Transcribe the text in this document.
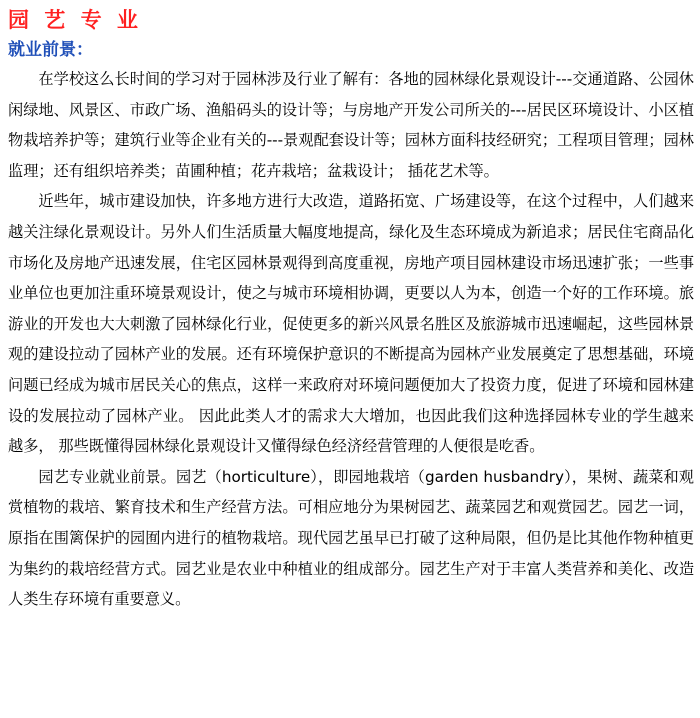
园 艺 专 业
就业前景：

在学校这么长时间的学习对于园林涉及行业了解有：各地的园林绿化景观设计---交通道路、公园休闲绿地、风景区、市政广场、渔船码头的设计等；与房地产开发公司所关的---居民区环境设计、小区植物栽培养护等；建筑行业等企业有关的---景观配套设计等；园林方面科技经研究；工程项目管理；园林监理；还有组织培养类；苗圃种植；花卉栽培；盆栽设计； 插花艺术等。

近些年，城市建设加快，许多地方进行大改造，道路拓宽、广场建设等，在这个过程中，人们越来越关注绿化景观设计。另外人们生活质量大幅度地提高，绿化及生态环境成为新追求；居民住宅商品化市场化及房地产迅速发展，住宅区园林景观得到高度重视，房地产项目园林建设市场迅速扩张；一些事业单位也更加注重环境景观设计，使之与城市环境相协调，更要以人为本，创造一个好的工作环境。旅游业的开发也大大刺激了园林绿化行业，促使更多的新兴风景名胜区及旅游城市迅速崛起，这些园林景观的建设拉动了园林产业的发展。还有环境保护意识的不断提高为园林产业发展奠定了思想基础，环境问题已经成为城市居民关心的焦点，这样一来政府对环境问题便加大了投资力度，促进了环境和园林建设的发展拉动了园林产业。 因此此类人才的需求大大增加，也因此我们这种选择园林专业的学生越来越多， 那些既懂得园林绿化景观设计又懂得绿色经济经营管理的人便很是吃香。

园艺专业就业前景。园艺（horticulture），即园地栽培（garden husbandry），果树、蔬菜和观赏植物的栽培、繁育技术和生产经营方法。可相应地分为果树园艺、蔬菜园艺和观赏园艺。园艺一词，原指在围篱保护的园囿内进行的植物栽培。现代园艺虽早已打破了这种局限，但仍是比其他作物种植更为集约的栽培经营方式。园艺业是农业中种植业的组成部分。园艺生产对于丰富人类营养和美化、改造人类生存环境有重要意义。
